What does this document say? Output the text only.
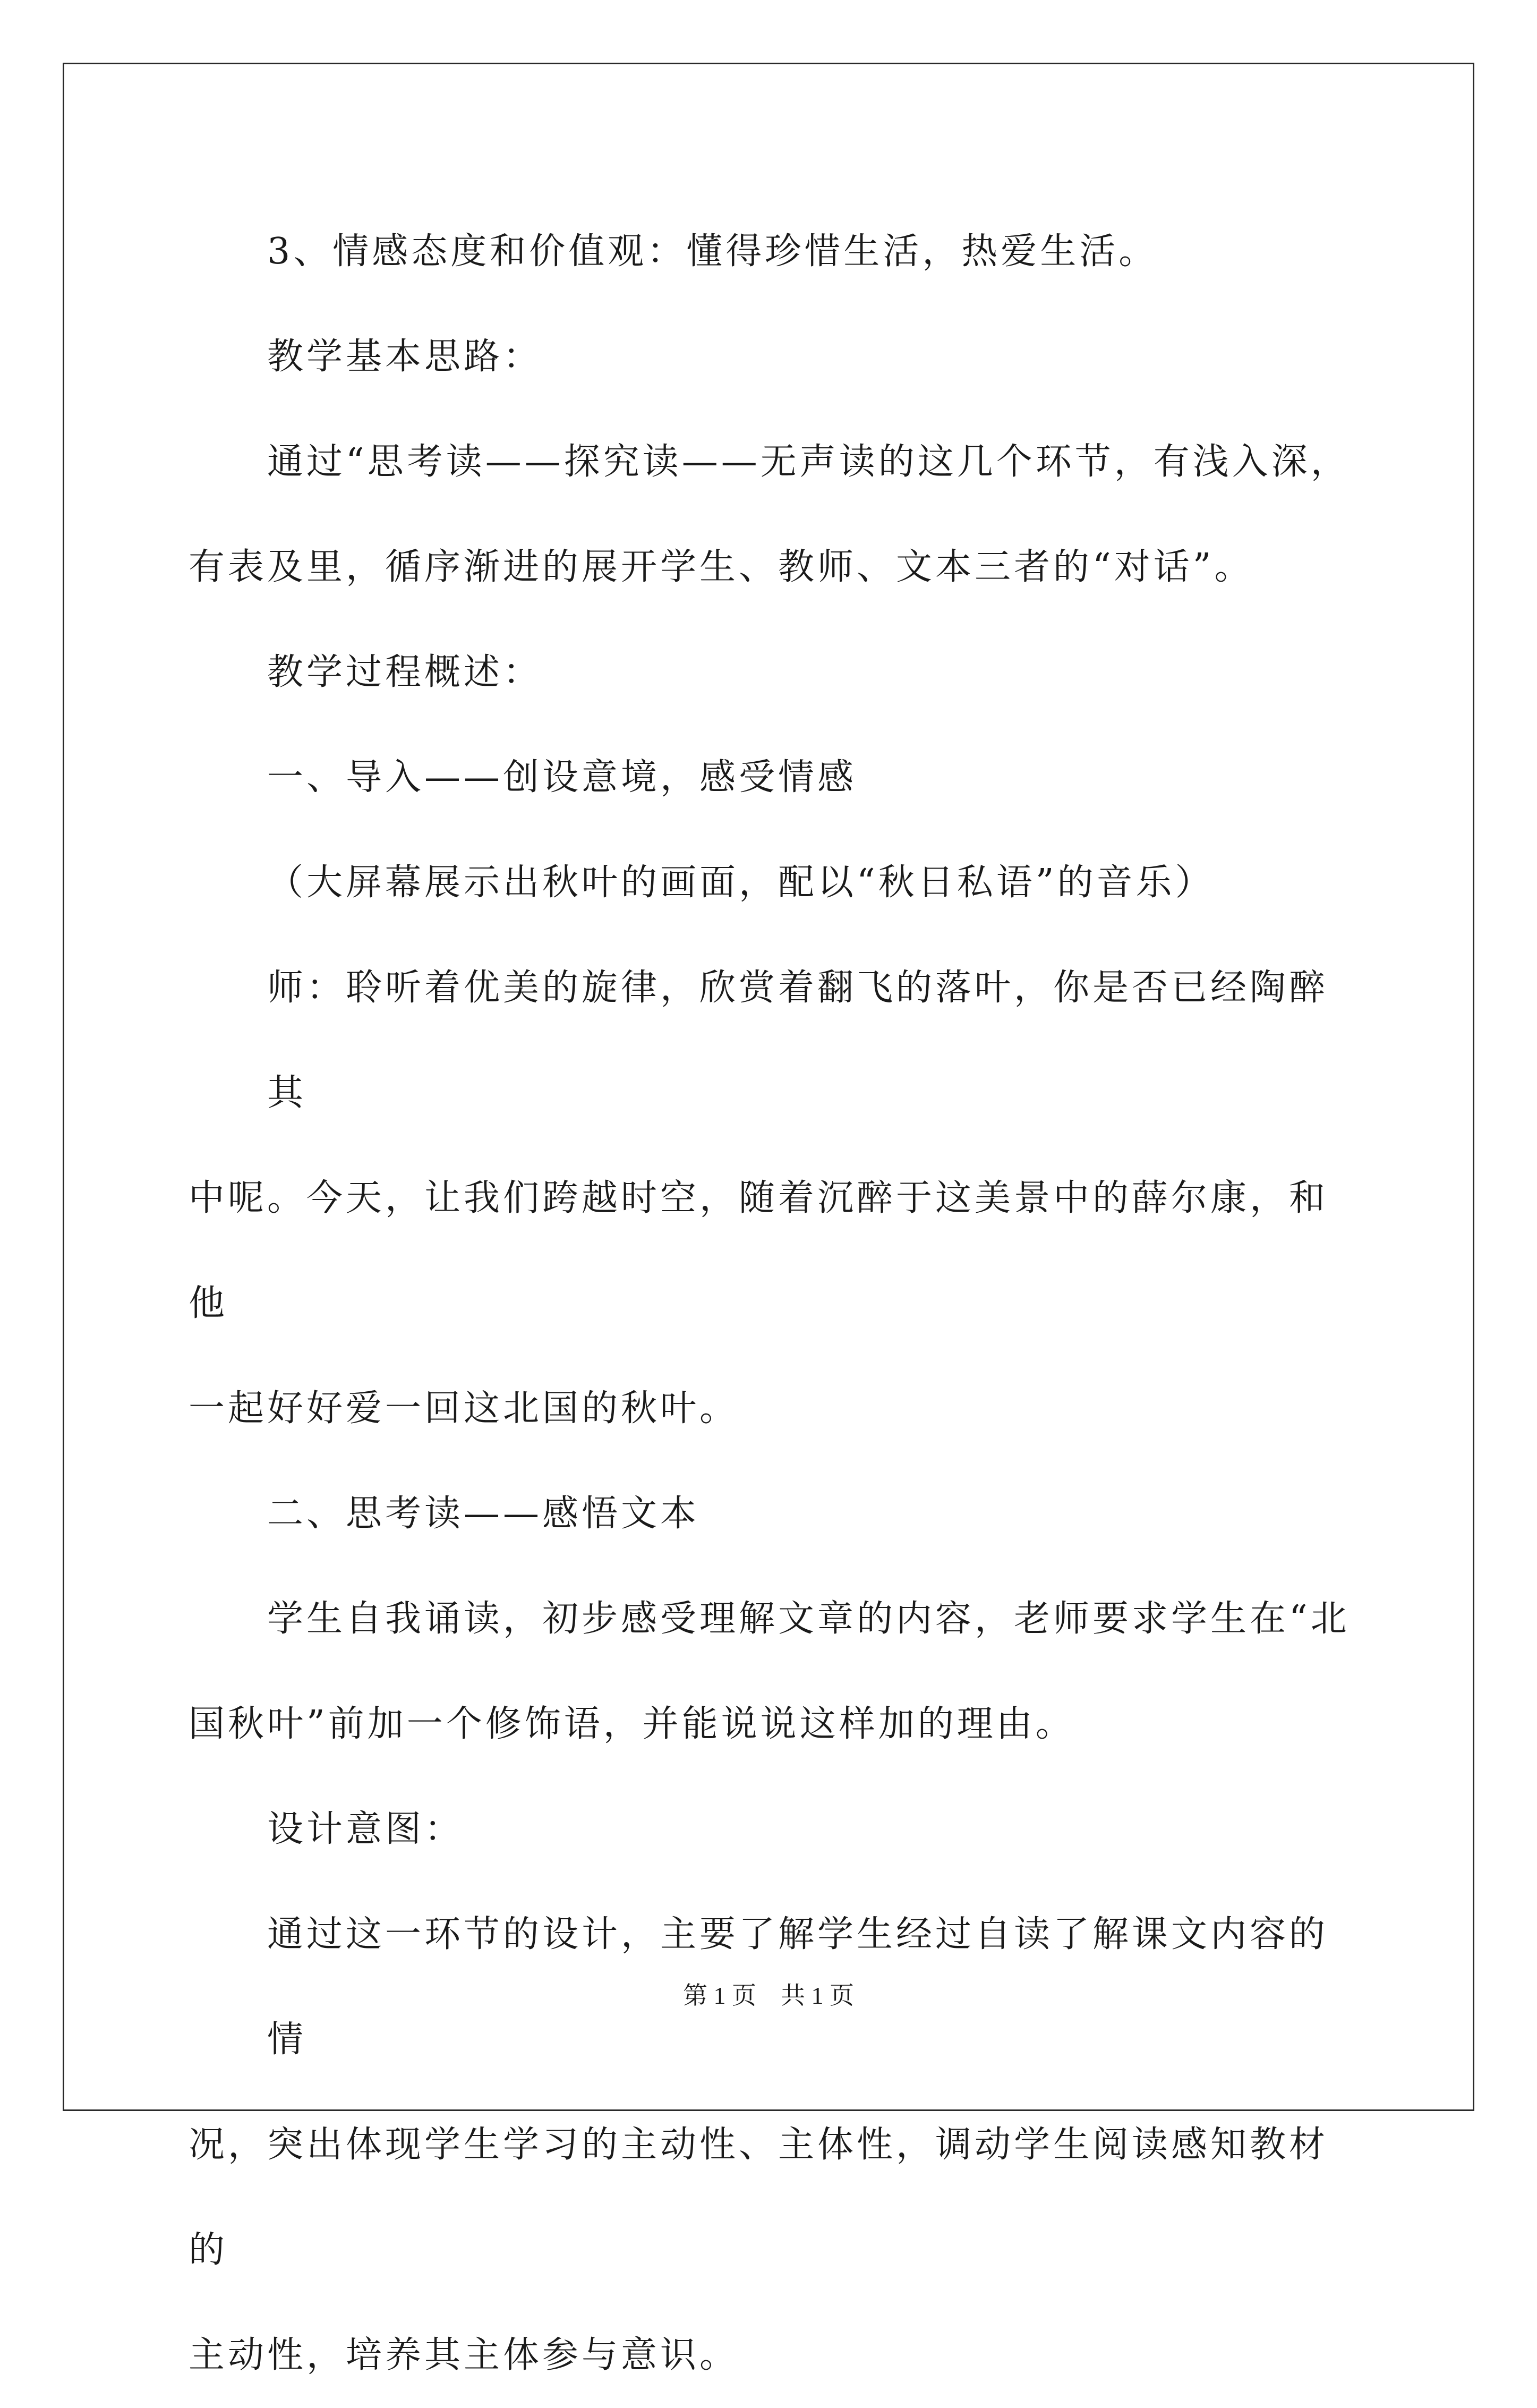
3、情感态度和价值观：懂得珍惜生活，热爱生活。

教学基本思路：

通过“思考读——探究读——无声读的这几个环节，有浅入深，

有表及里，循序渐进的展开学生、教师、文本三者的“对话”。

教学过程概述：

一、导入——创设意境，感受情感

（大屏幕展示出秋叶的画面，配以“秋日私语”的音乐）

师：聆听着优美的旋律，欣赏着翻飞的落叶，你是否已经陶醉其

中呢。今天，让我们跨越时空，随着沉醉于这美景中的薛尔康，和他

一起好好爱一回这北国的秋叶。

二、思考读——感悟文本

学生自我诵读，初步感受理解文章的内容，老师要求学生在“北

国秋叶”前加一个修饰语，并能说说这样加的理由。

设计意图：

通过这一环节的设计，主要了解学生经过自读了解课文内容的情

况，突出体现学生学习的主动性、主体性，调动学生阅读感知教材的

主动性，培养其主体参与意识。

第 1 页　共 1 页
